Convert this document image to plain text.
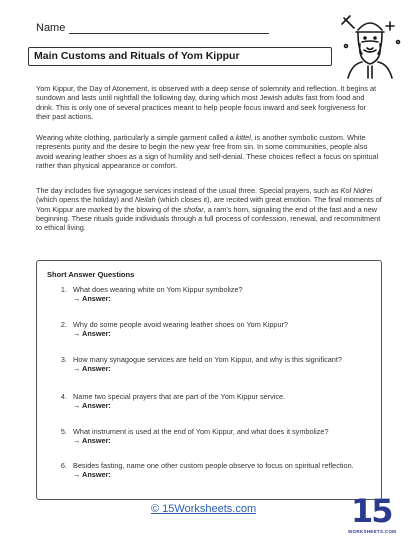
Name
Main Customs and Rituals of Yom Kippur

Yom Kippur, the Day of Atonement, is observed with a deep sense of solemnity and reflection. It begins at sundown and lasts until nightfall the following day, during which most Jewish adults fast from food and drink. This is only one of several practices meant to help people focus inward and seek forgiveness for their past actions.

Wearing white clothing, particularly a simple garment called a kittel, is another symbolic custom. White represents purity and the desire to begin the new year free from sin. In some communities, people also avoid wearing leather shoes as a sign of humility and self-denial. These choices reflect a focus on spiritual rather than physical appearance or comfort.

The day includes five synagogue services instead of the usual three. Special prayers, such as Kol Nidrei (which opens the holiday) and Neilah (which closes it), are recited with great emotion. The final moments of Yom Kippur are marked by the blowing of the shofar, a ram's horn, signaling the end of the fast and a new beginning. These rituals guide individuals through a full process of confession, renewal, and recommitment to ethical living.

Short Answer Questions
1. What does wearing white on Yom Kippur symbolize?
→ Answer:
2. Why do some people avoid wearing leather shoes on Yom Kippur?
→ Answer:
3. How many synagogue services are held on Yom Kippur, and why is this significant?
→ Answer:
4. Name two special prayers that are part of the Yom Kippur service.
→ Answer:
5. What instrument is used at the end of Yom Kippur, and what does it symbolize?
→ Answer:
6. Besides fasting, name one other custom people observe to focus on spiritual reflection.
→ Answer:
© 15Worksheets.com	15
WORKSHEETS.COM
